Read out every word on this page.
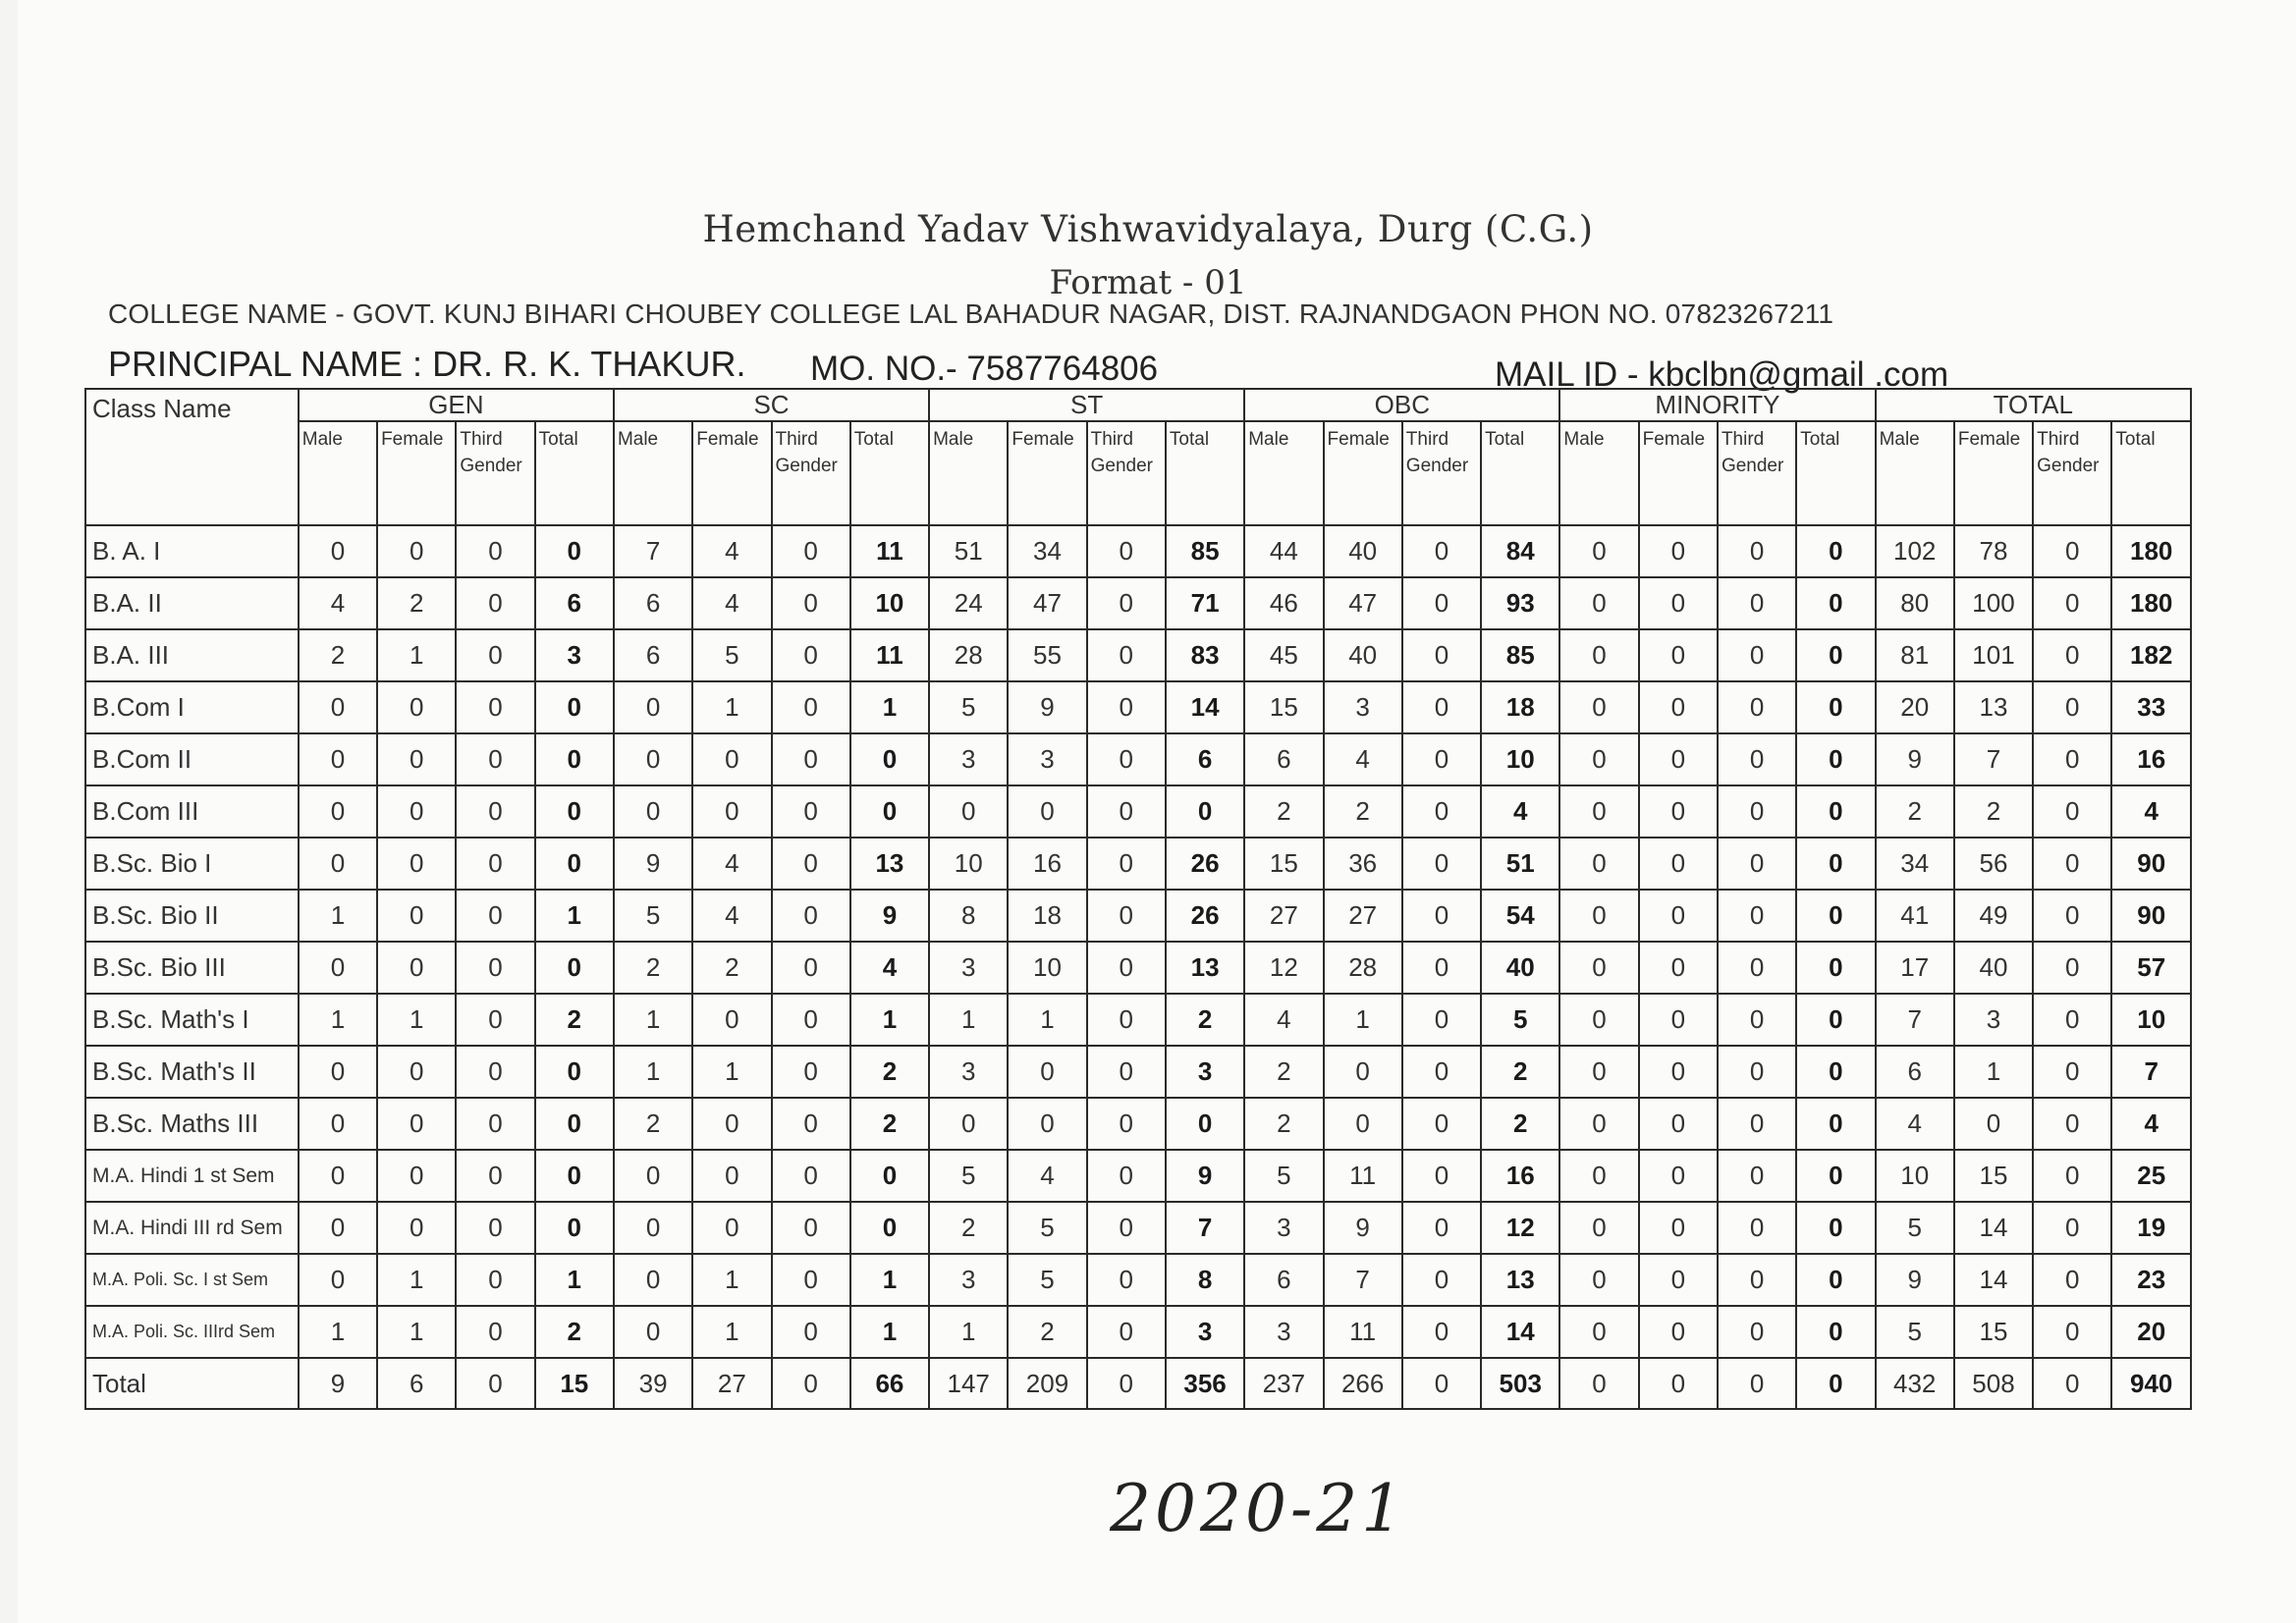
Hemchand Yadav Vishwavidyalaya, Durg (C.G.)
Format - 01
COLLEGE NAME - GOVT. KUNJ BIHARI CHOUBEY COLLEGE LAL BAHADUR NAGAR, DIST. RAJNANDGAON PHON NO. 07823267211
PRINCIPAL NAME : DR. R. K. THAKUR. MO. NO.- 7587764806	MAIL ID - kbclbn@gmail .com
Class Name	GEN				SC				ST				OBC				MINORITY				TOTAL			
	Male	Female	Third Gender	Total	Male	Female	Third Gender	Total	Male	Female	Third Gender	Total	Male	Female	Third Gender	Total	Male	Female	Third Gender	Total	Male	Female	Third Gender	Total
B. A. I	0	0	0	0	7	4	0	11	51	34	0	85	44	40	0	84	0	0	0	0	102	78	0	180
B.A. II	4	2	0	6	6	4	0	10	24	47	0	71	46	47	0	93	0	0	0	0	80	100	0	180
B.A. III	2	1	0	3	6	5	0	11	28	55	0	83	45	40	0	85	0	0	0	0	81	101	0	182
B.Com I	0	0	0	0	0	1	0	1	5	9	0	14	15	3	0	18	0	0	0	0	20	13	0	33
B.Com II	0	0	0	0	0	0	0	0	3	3	0	6	6	4	0	10	0	0	0	0	9	7	0	16
B.Com III	0	0	0	0	0	0	0	0	0	0	0	0	2	2	0	4	0	0	0	0	2	2	0	4
B.Sc. Bio I	0	0	0	0	9	4	0	13	10	16	0	26	15	36	0	51	0	0	0	0	34	56	0	90
B.Sc. Bio II	1	0	0	1	5	4	0	9	8	18	0	26	27	27	0	54	0	0	0	0	41	49	0	90
B.Sc. Bio III	0	0	0	0	2	2	0	4	3	10	0	13	12	28	0	40	0	0	0	0	17	40	0	57
B.Sc. Math's I	1	1	0	2	1	0	0	1	1	1	0	2	4	1	0	5	0	0	0	0	7	3	0	10
B.Sc. Math's II	0	0	0	0	1	1	0	2	3	0	0	3	2	0	0	2	0	0	0	0	6	1	0	7
B.Sc. Maths III	0	0	0	0	2	0	0	2	0	0	0	0	2	0	0	2	0	0	0	0	4	0	0	4
M.A. Hindi 1 st Sem	0	0	0	0	0	0	0	0	5	4	0	9	5	11	0	16	0	0	0	0	10	15	0	25
M.A. Hindi III rd Sem	0	0	0	0	0	0	0	0	2	5	0	7	3	9	0	12	0	0	0	0	5	14	0	19
M.A. Poli. Sc. I st Sem	0	1	0	1	0	1	0	1	3	5	0	8	6	7	0	13	0	0	0	0	9	14	0	23
M.A. Poli. Sc. IIIrd Sem	1	1	0	2	0	1	0	1	1	2	0	3	3	11	0	14	0	0	0	0	5	15	0	20
Total	9	6	0	15	39	27	0	66	147	209	0	356	237	266	0	503	0	0	0	0	432	508	0	940
2020-21
